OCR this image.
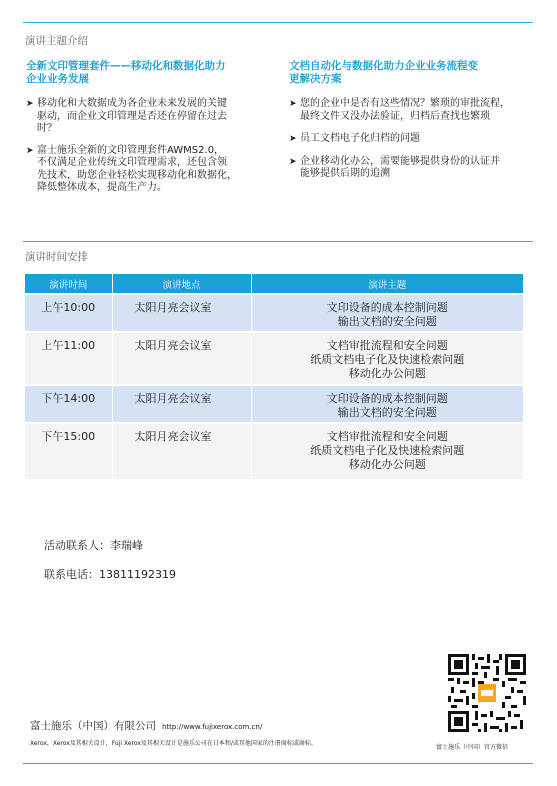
演讲主题介绍
全新文印管理套件——移动化和数据化助力
企业业务发展
➤ 移动化和大数据成为各企业未来发展的关键
驱动，而企业文印管理是否还在停留在过去
时？
➤ 富士施乐全新的文印管理套件AWMS2.0，
不仅满足企业传统文印管理需求，还包含领
先技术，助您企业轻松实现移动化和数据化，
降低整体成本，提高生产力。
文档自动化与数据化助力企业业务流程变
更解决方案
➤ 您的企业中是否有这些情况？繁琐的审批流程，
最终文件又没办法验证，归档后查找也繁琐
➤ 员工文档电子化归档的问题
➤ 企业移动化办公，需要能够提供身份的认证并
能够提供后期的追溯
演讲时间安排
演讲时间	演讲地点	演讲主题
上午10:00	太阳月亮会议室	文印设备的成本控制问题
输出文档的安全问题

上午11:00	太阳月亮会议室	文档审批流程和安全问题
纸质文档电子化及快速检索问题
移动化办公问题

下午14:00	太阳月亮会议室	文印设备的成本控制问题
输出文档的安全问题

下午15:00	太阳月亮会议室	文档审批流程和安全问题
纸质文档电子化及快速检索问题
移动化办公问题
活动联系人：李瑞峰
联系电话：13811192319
富士施乐（中国）官方微信
富士施乐（中国）有限公司 http://www.fujixerox.com.cn/
Xerox，Xerox及其相关设计，Fuji Xerox及其相关设计是施乐公司在日本和/或其他国家的注册商标或商标。
